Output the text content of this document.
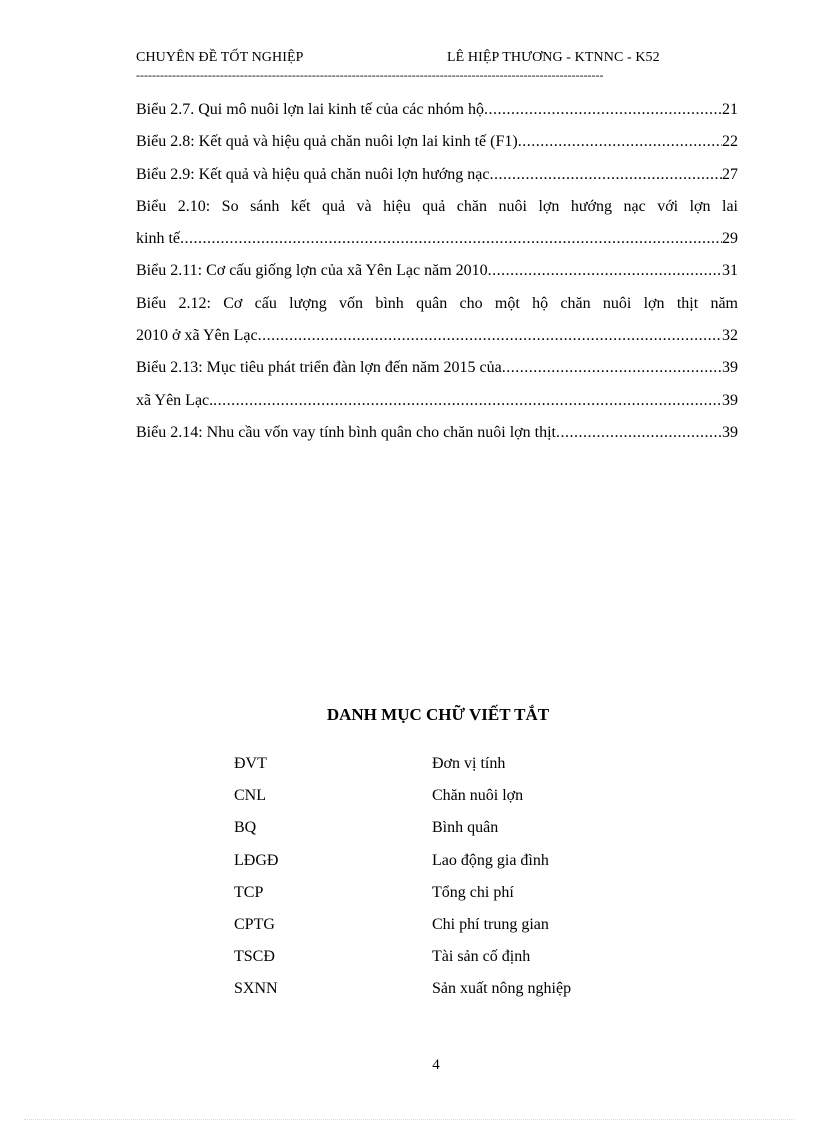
CHUYÊN ĐỀ TỐT NGHIỆP	LÊ HIỆP THƯƠNG - KTNNC - K52
---------------------------------------------------------------------------------------------------------------------
Biểu 2.7. Qui mô nuôi lợn lai kinh tế của các nhóm hộ .....	21
Biểu 2.8: Kết quả và hiệu quả chăn nuôi lợn lai kinh tế (F1) .....	22
Biểu 2.9: Kết quả và hiệu quả chăn nuôi lợn hướng nạc .....	27
Biểu 2.10: So sánh kết quả và hiệu quả chăn nuôi lợn hướng nạc với lợn lai
kinh tế .....	29
Biểu 2.11: Cơ cấu giống lợn của xã Yên Lạc năm 2010 .....	31
Biểu 2.12: Cơ cấu lượng vốn bình quân cho một hộ chăn nuôi lợn thịt năm
2010 ở xã Yên Lạc .....	32
Biểu 2.13: Mục tiêu phát triển đàn lợn đến năm 2015 của .....	39
xã Yên Lạc. .....	39
Biểu 2.14: Nhu cầu vốn vay tính bình quân cho chăn nuôi lợn thịt .....	39
DANH MỤC CHỮ VIẾT TẮT
ĐVT	Đơn vị tính
CNL	Chăn nuôi lợn
BQ	Bình quân
LĐGĐ	Lao động gia đình
TCP	Tổng chi phí
CPTG	Chi phí trung gian
TSCĐ	Tài sản cố định
SXNN	Sản xuất nông nghiệp
4
